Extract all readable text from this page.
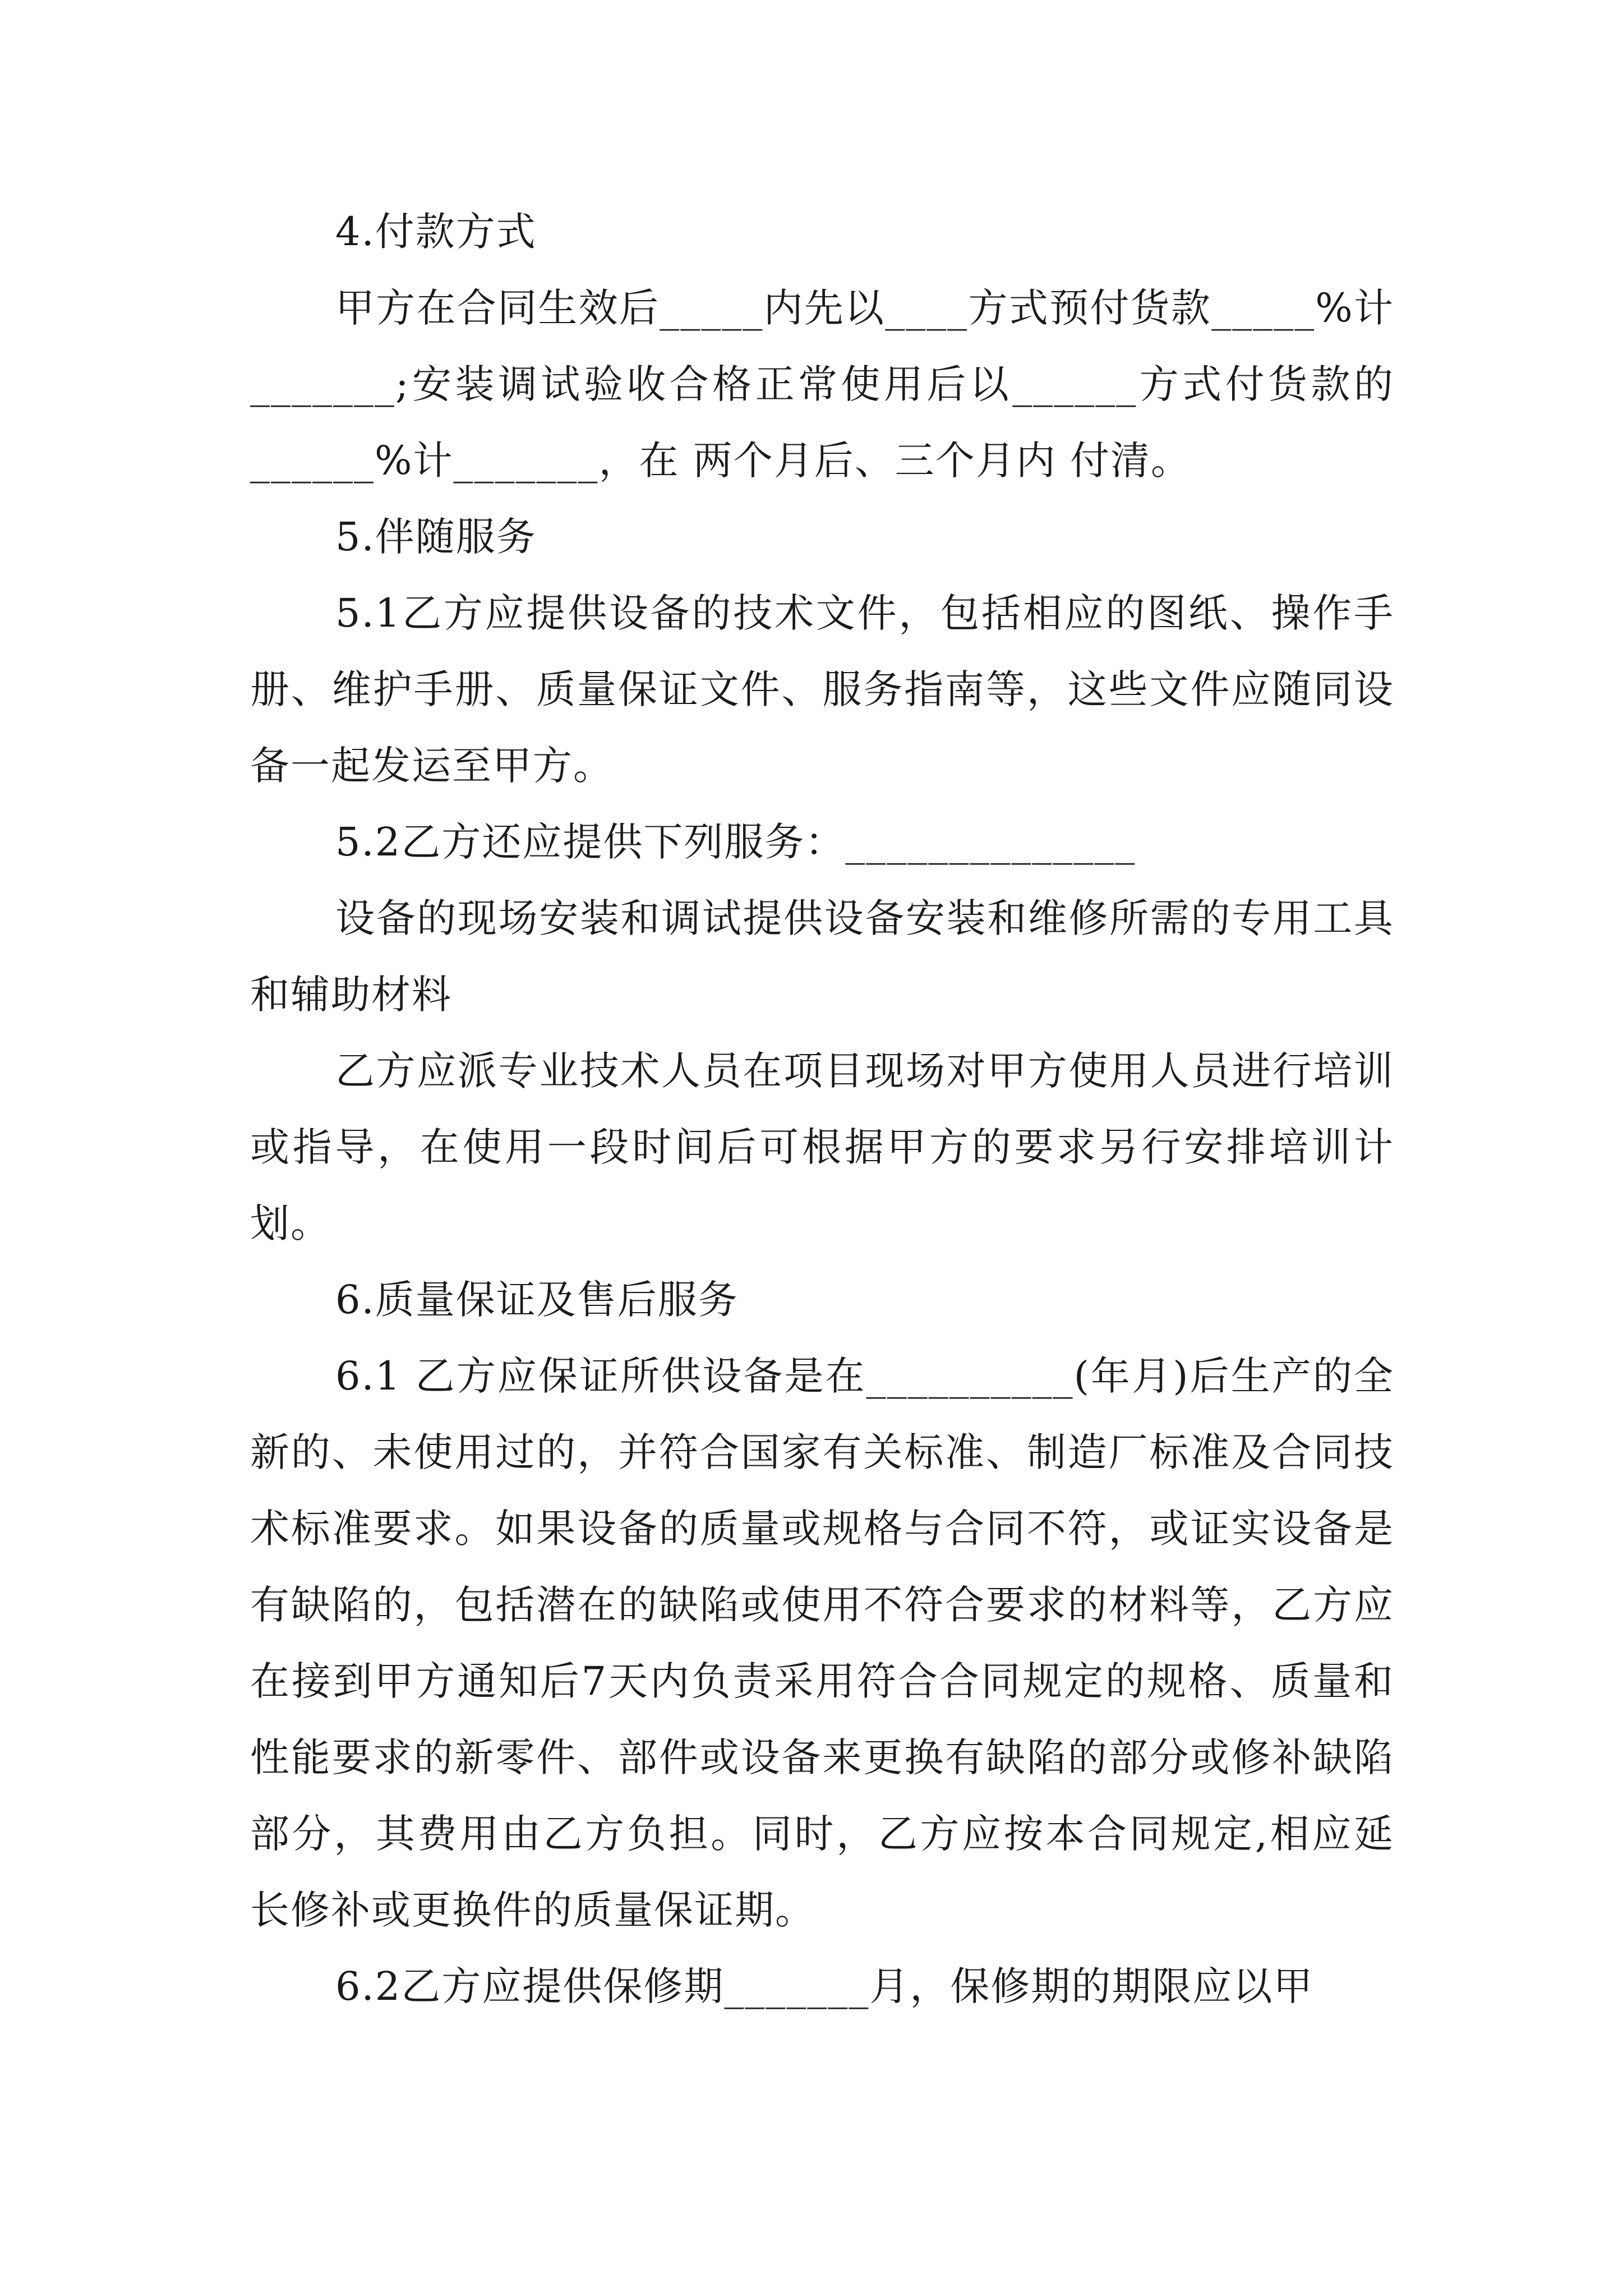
4.付款方式

甲方在合同生效后_____内先以____方式预付货款_____%计_______;安装调试验收合格正常使用后以______方式付货款的______%计_______，在 两个月后、三个月内 付清。

5.伴随服务

5.1乙方应提供设备的技术文件，包括相应的图纸、操作手册、维护手册、质量保证文件、服务指南等，这些文件应随同设备一起发运至甲方。

5.2乙方还应提供下列服务：______________

设备的现场安装和调试提供设备安装和维修所需的专用工具和辅助材料

乙方应派专业技术人员在项目现场对甲方使用人员进行培训或指导，在使用一段时间后可根据甲方的要求另行安排培训计划。

6.质量保证及售后服务

6.1 乙方应保证所供设备是在__________(年月)后生产的全新的、未使用过的，并符合国家有关标准、制造厂标准及合同技术标准要求。如果设备的质量或规格与合同不符，或证实设备是有缺陷的，包括潜在的缺陷或使用不符合要求的材料等，乙方应在接到甲方通知后7天内负责采用符合合同规定的规格、质量和性能要求的新零件、部件或设备来更换有缺陷的部分或修补缺陷部分，其费用由乙方负担。同时，乙方应按本合同规定,相应延长修补或更换件的质量保证期。

6.2乙方应提供保修期_______月，保修期的期限应以甲
